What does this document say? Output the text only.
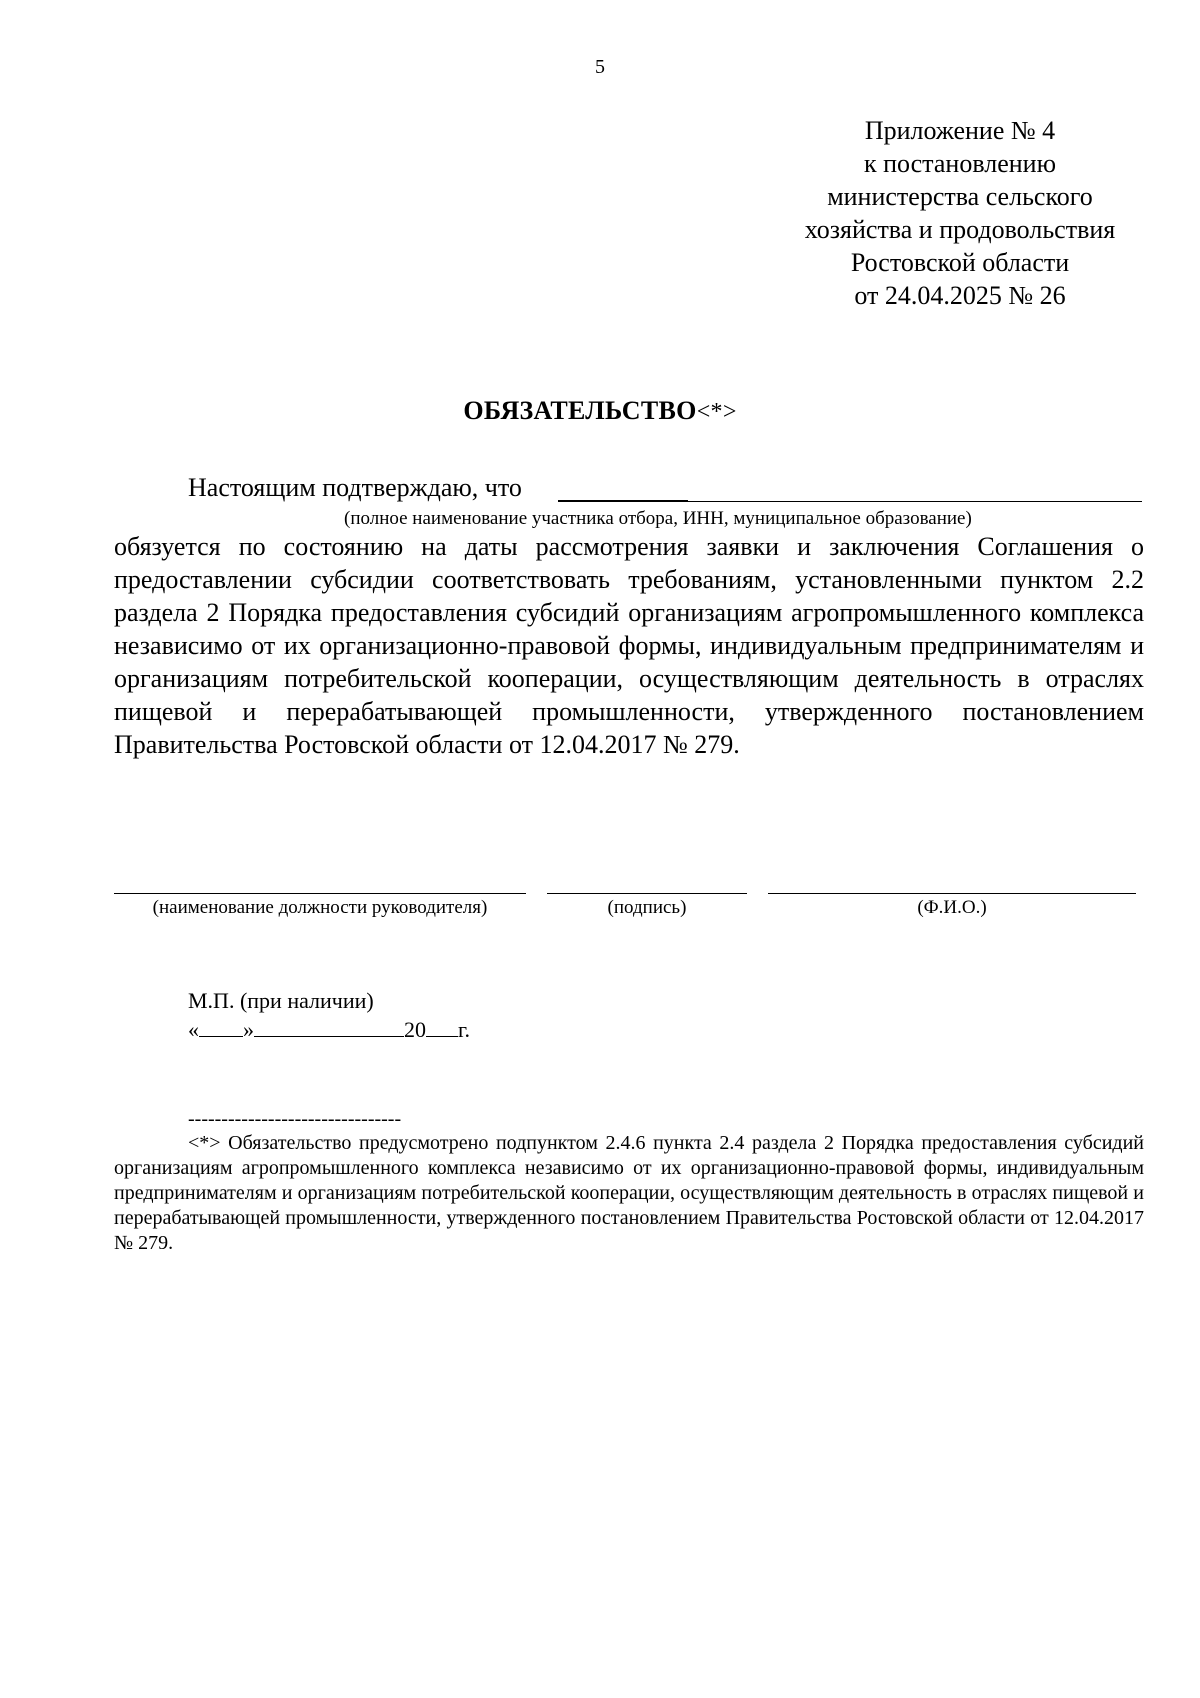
5
Приложение № 4
к постановлению
министерства сельского
хозяйства и продовольствия
Ростовской области
от 24.04.2025 № 26
ОБЯЗАТЕЛЬСТВО<*>
Настоящим подтверждаю, что
(полное наименование участника отбора, ИНН, муниципальное образование)

обязуется по состоянию на даты рассмотрения заявки и заключения Соглашения о предоставлении субсидии соответствовать требованиям, установленными пунктом 2.2 раздела 2 Порядка предоставления субсидий организациям агропромышленного комплекса независимо от их организационно-правовой формы, индивидуальным предпринимателям и организациям потребительской кооперации, осуществляющим деятельность в отраслях пищевой и перерабатывающей промышленности, утвержденного постановлением Правительства Ростовской области от 12.04.2017 № 279.

(наименование должности руководителя)	(подпись)	(Ф.И.О.)
М.П. (при наличии)
« »	20 г.
--------------------------------

<*> Обязательство предусмотрено подпунктом 2.4.6 пункта 2.4 раздела 2 Порядка предоставления субсидий организациям агропромышленного комплекса независимо от их организационно-правовой формы, индивидуальным предпринимателям и организациям потребительской кооперации, осуществляющим деятельность в отраслях пищевой и перерабатывающей промышленности, утвержденного постановлением Правительства Ростовской области от 12.04.2017 № 279.
